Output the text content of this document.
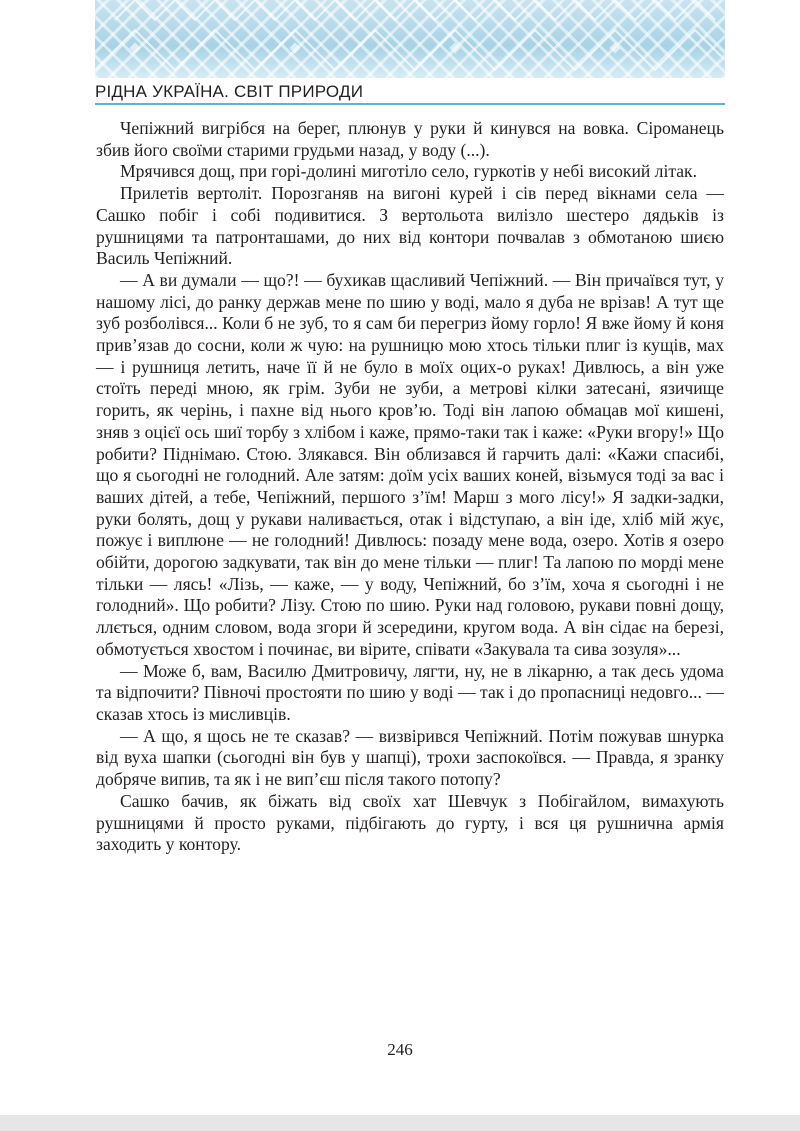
РІДНА УКРАЇНА. СВІТ ПРИРОДИ

Чепіжний вигрібся на берег, плюнув у руки й кинувся на вовка. Сіроманець збив його своїми старими грудьми назад, у воду (...).

Мрячився дощ, при горі-долині миготіло село, гуркотів у небі високий літак.

Прилетів вертоліт. Порозганяв на вигоні курей і сів перед вікнами села — Сашко побіг і собі подивитися. З вертольота вилізло шестеро дядьків із рушницями та патронташами, до них від контори почвалав з обмотаною шиєю Василь Чепіжний.

— А ви думали — що?! — бухикав щасливий Чепіжний. — Він причаївся тут, у нашому лісі, до ранку держав мене по шию у воді, мало я дуба не врізав! А тут ще зуб розболівся... Коли б не зуб, то я сам би перегриз йому горло! Я вже йому й коня прив’язав до сосни, коли ж чую: на рушницю мою хтось тільки плиг із кущів, мах — і рушниця летить, наче її й не було в моїх оцих-о руках! Дивлюсь, а він уже стоїть переді мною, як грім. Зуби не зуби, а метрові кілки затесані, язичище горить, як черінь, і пахне від нього кров’ю. Тоді він лапою обмацав мої кишені, зняв з оцієї ось шиї торбу з хлібом і каже, прямо-таки так і каже: «Руки вгору!» Що робити? Піднімаю. Стою. Злякався. Він облизався й гарчить далі: «Кажи спасибі, що я сьогодні не голодний. Але затям: доїм усіх ваших коней, візьмуся тоді за вас і ваших дітей, а тебе, Чепіжний, першого з’їм! Марш з мого лісу!» Я задки-задки, руки болять, дощ у рукави наливається, отак і відступаю, а він іде, хліб мій жує, пожує і виплюне — не голодний! Дивлюсь: позаду мене вода, озеро. Хотів я озеро обійти, дорогою задкувати, так він до мене тільки — плиг! Та лапою по морді мене тільки — лясь! «Лізь, — каже, — у воду, Чепіжний, бо з’їм, хоча я сьогодні і не голодний». Що робити? Лізу. Стою по шию. Руки над головою, рукави повні дощу, ллється, одним словом, вода згори й зсередини, кругом вода. А він сідає на березі, обмотується хвостом і починає, ви вірите, співати «Закувала та сива зозуля»...

— Може б, вам, Василю Дмитровичу, лягти, ну, не в лікарню, а так десь удома та відпочити? Півночі простояти по шию у воді — так і до пропасниці недовго... — сказав хтось із мисливців.

— А що, я щось не те сказав? — визвірився Чепіжний. Потім пожував шнурка від вуха шапки (сьогодні він був у шапці), трохи заспокоївся. — Правда, я зранку добряче випив, та як і не вип’єш після такого потопу?

Сашко бачив, як біжать від своїх хат Шевчук з Побігайлом, вимахують рушницями й просто руками, підбігають до гурту, і вся ця рушнична армія заходить у контору.

246
